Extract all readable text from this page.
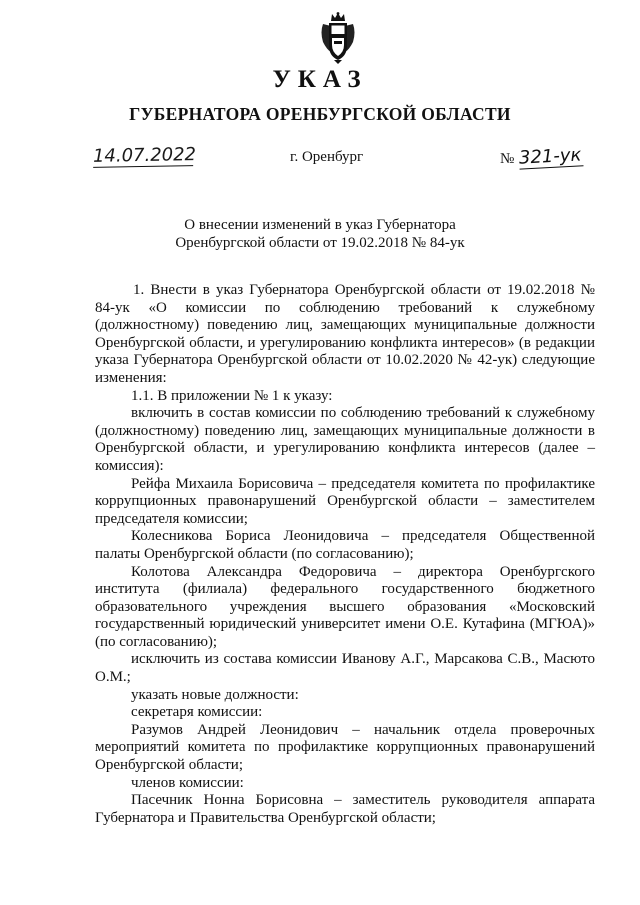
УКАЗ
ГУБЕРНАТОРА ОРЕНБУРГСКОЙ ОБЛАСТИ
14.07.2022	г. Оренбург	№ 321-ук
О внесении изменений в указ Губернатора
Оренбургской области от 19.02.2018 № 84-ук

1. Внести в указ Губернатора Оренбургской области от 19.02.2018 № 84-ук «О комиссии по соблюдению требований к служебному (должностному) поведению лиц, замещающих муниципальные должности Оренбургской области, и урегулированию конфликта интересов» (в редакции указа Губернатора Оренбургской области от 10.02.2020 № 42-ук) следующие изменения:

1.1. В приложении № 1 к указу:

включить в состав комиссии по соблюдению требований к служебному (должностному) поведению лиц, замещающих муниципальные должности в Оренбургской области, и урегулированию конфликта интересов (далее – комиссия):

Рейфа Михаила Борисовича – председателя комитета по профилактике коррупционных правонарушений Оренбургской области – заместителем председателя комиссии;

Колесникова Бориса Леонидовича – председателя Общественной палаты Оренбургской области (по согласованию);

Колотова Александра Федоровича – директора Оренбургского института (филиала) федерального государственного бюджетного образовательного учреждения высшего образования «Московский государственный юридический университет имени О.Е. Кутафина (МГЮА)» (по согласованию);

исключить из состава комиссии Иванову А.Г., Марсакова С.В., Масюто О.М.;

указать новые должности:

секретаря комиссии:

Разумов Андрей Леонидович – начальник отдела проверочных мероприятий комитета по профилактике коррупционных правонарушений Оренбургской области;

членов комиссии:

Пасечник Нонна Борисовна – заместитель руководителя аппарата Губернатора и Правительства Оренбургской области;
